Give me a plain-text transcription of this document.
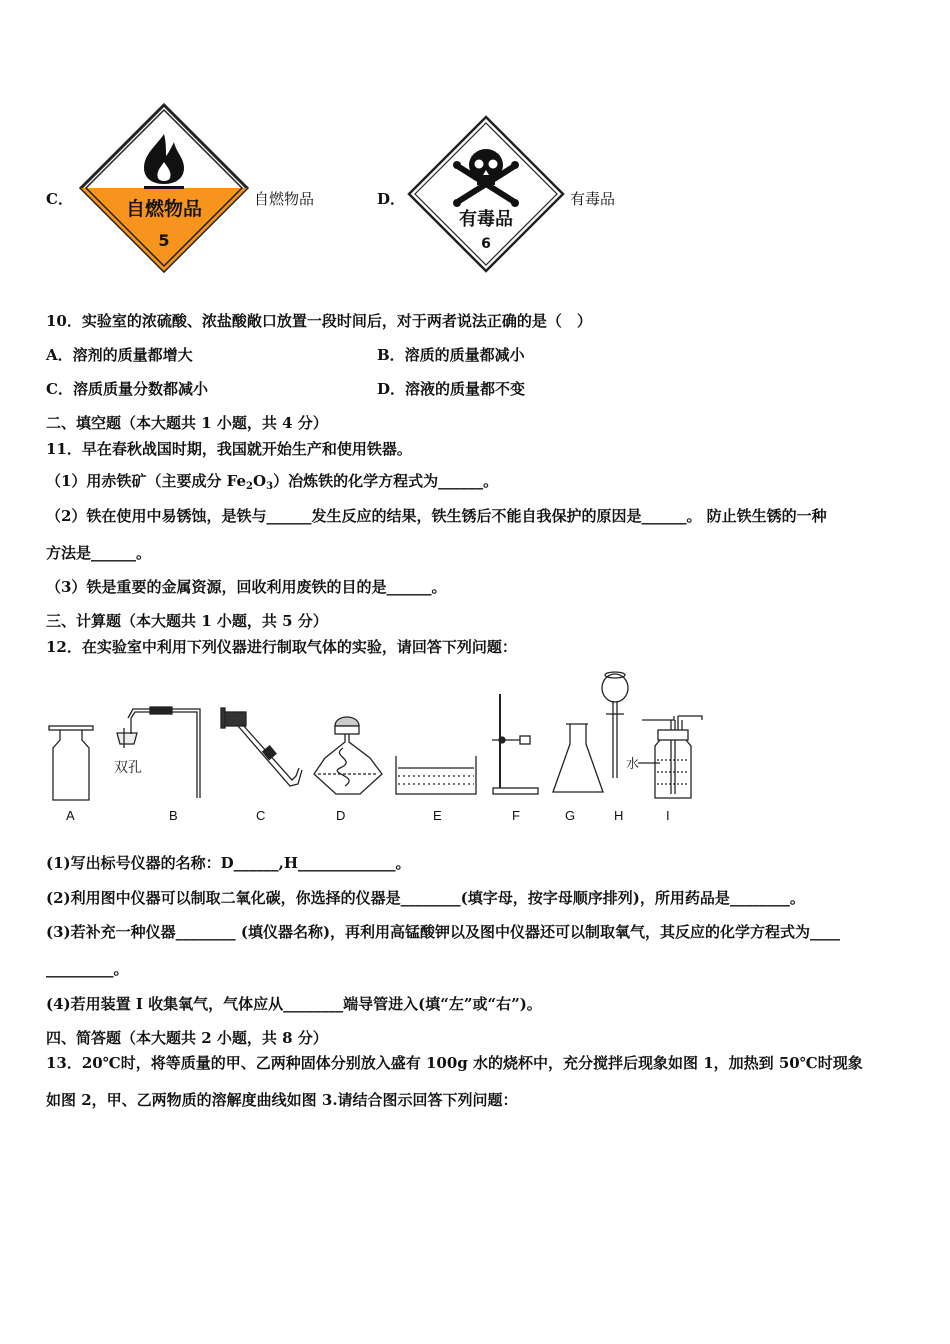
C．	自燃物品
5
自燃物品	D．
有毒品
6
有毒品
10．实验室的浓硫酸、浓盐酸敞口放置一段时间后，对于两者说法正确的是（　）
A．溶剂的质量都增大	B．溶质的质量都减小
C．溶质质量分数都减小	D．溶液的质量都不变
二、填空题（本大题共 1 小题，共 4 分）
11．早在春秋战国时期，我国就开始生产和使用铁器。
（1）用赤铁矿（主要成分 $Fe_2O_3$）冶炼铁的化学方程式为______。
（2）铁在使用中易锈蚀，是铁与______发生反应的结果，铁生锈后不能自我保护的原因是______。 防止铁生锈的一种
方法是______。
（3）铁是重要的金属资源，回收利用废铁的目的是______。
三、计算题（本大题共 1 小题，共 5 分）
12．在实验室中利用下列仪器进行制取气体的实验，请回答下列问题：
双孔	水
A	B	C	D	E	F	G	H	I
(1)写出标号仪器的名称：D______,H_____________。
(2)利用图中仪器可以制取二氧化碳，你选择的仪器是________(填字母，按字母顺序排列)，所用药品是________。
(3)若补充一种仪器________ (填仪器名称)，再利用高锰酸钾以及图中仪器还可以制取氧气，其反应的化学方程式为____
_________。
(4)若用装置 I 收集氧气，气体应从________端导管进入(填“左”或“右”)。
四、简答题（本大题共 2 小题，共 8 分）
13．20℃时，将等质量的甲、乙两种固体分别放入盛有 100g 水的烧杯中，充分搅拌后现象如图 1，加热到 50℃时现象
如图 2，甲、乙两物质的溶解度曲线如图 3.请结合图示回答下列问题：
